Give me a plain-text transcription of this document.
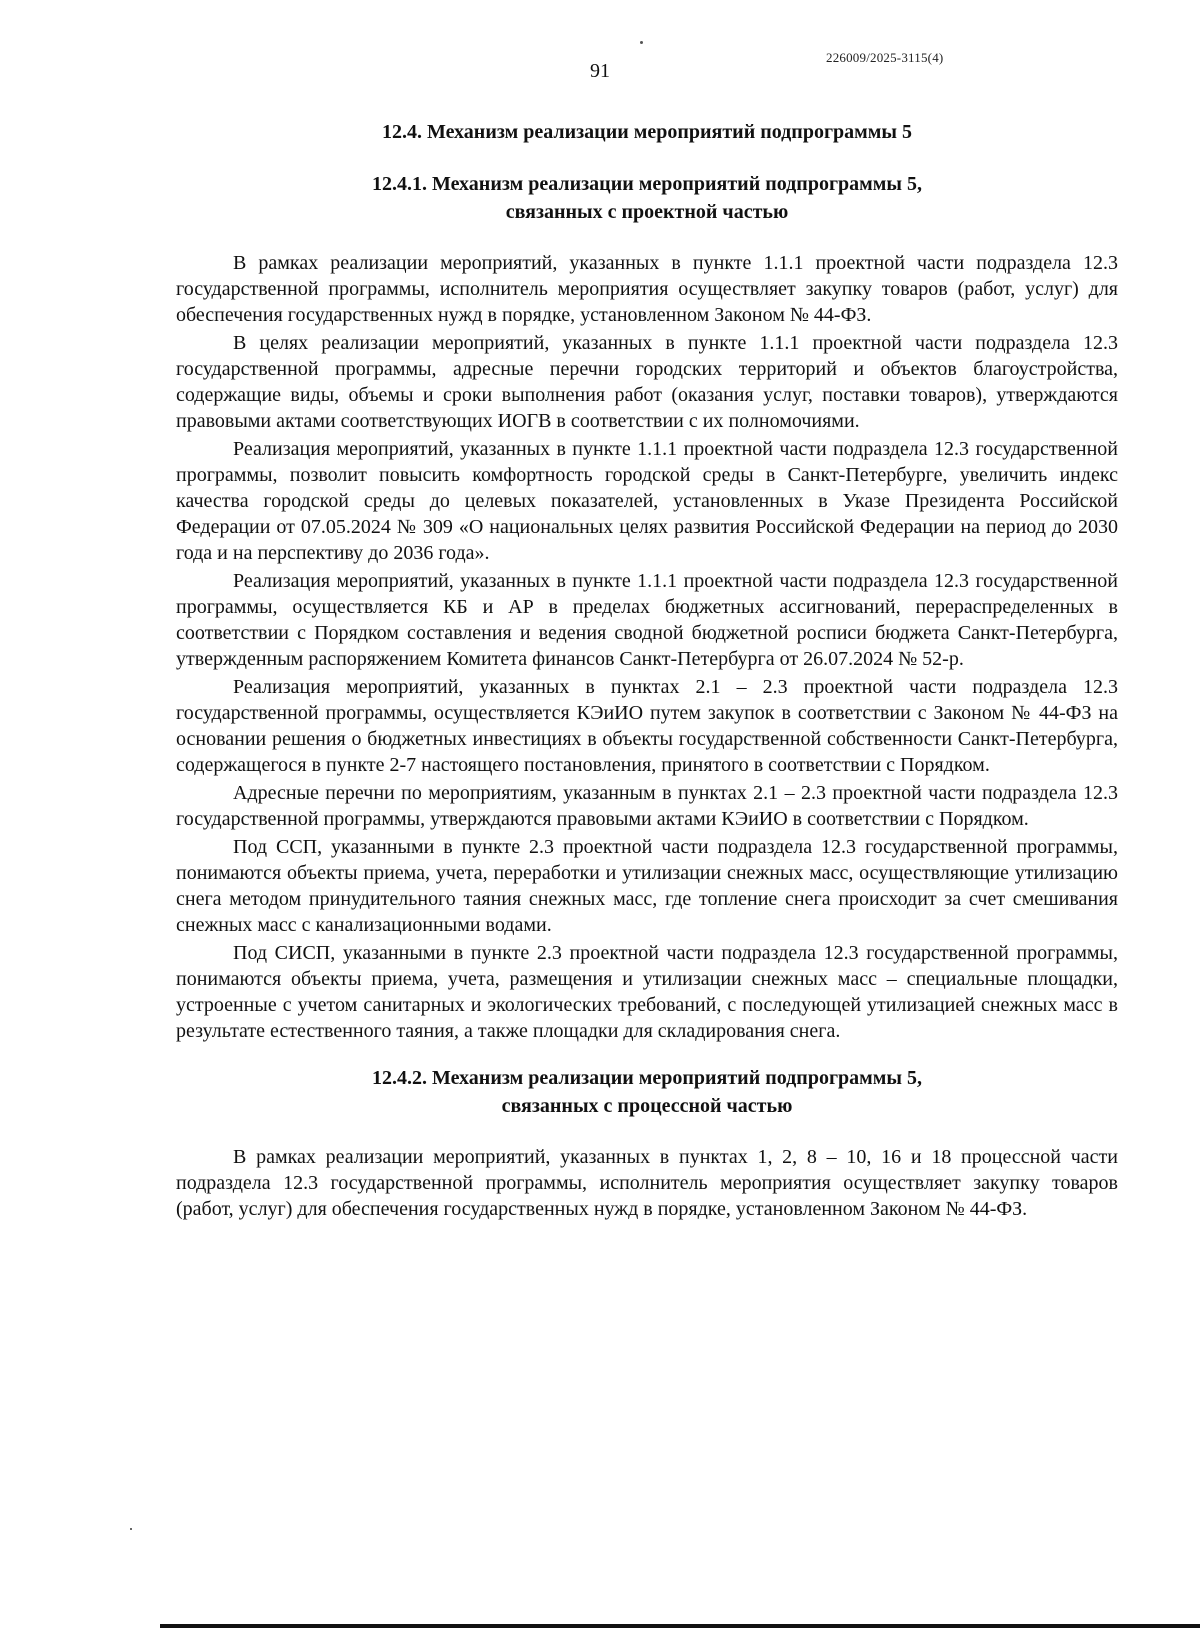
226009/2025-3115(4)
91
12.4. Механизм реализации мероприятий подпрограммы 5
12.4.1. Механизм реализации мероприятий подпрограммы 5,
связанных с проектной частью

В рамках реализации мероприятий, указанных в пункте 1.1.1 проектной части подраздела 12.3 государственной программы, исполнитель мероприятия осуществляет закупку товаров (работ, услуг) для обеспечения государственных нужд в порядке, установленном Законом № 44-ФЗ.

В целях реализации мероприятий, указанных в пункте 1.1.1 проектной части подраздела 12.3 государственной программы, адресные перечни городских территорий и объектов благоустройства, содержащие виды, объемы и сроки выполнения работ (оказания услуг, поставки товаров), утверждаются правовыми актами соответствующих ИОГВ в соответствии с их полномочиями.

Реализация мероприятий, указанных в пункте 1.1.1 проектной части подраздела 12.3 государственной программы, позволит повысить комфортность городской среды в Санкт-Петербурге, увеличить индекс качества городской среды до целевых показателей, установленных в Указе Президента Российской Федерации от 07.05.2024 № 309 «О национальных целях развития Российской Федерации на период до 2030 года и на перспективу до 2036 года».

Реализация мероприятий, указанных в пункте 1.1.1 проектной части подраздела 12.3 государственной программы, осуществляется КБ и АР в пределах бюджетных ассигнований, перераспределенных в соответствии с Порядком составления и ведения сводной бюджетной росписи бюджета Санкт-Петербурга, утвержденным распоряжением Комитета финансов Санкт-Петербурга от 26.07.2024 № 52-р.

Реализация мероприятий, указанных в пунктах 2.1 – 2.3 проектной части подраздела 12.3 государственной программы, осуществляется КЭиИО путем закупок в соответствии с Законом № 44-ФЗ на основании решения о бюджетных инвестициях в объекты государственной собственности Санкт-Петербурга, содержащегося в пункте 2-7 настоящего постановления, принятого в соответствии с Порядком.

Адресные перечни по мероприятиям, указанным в пунктах 2.1 – 2.3 проектной части подраздела 12.3 государственной программы, утверждаются правовыми актами КЭиИО в соответствии с Порядком.

Под ССП, указанными в пункте 2.3 проектной части подраздела 12.3 государственной программы, понимаются объекты приема, учета, переработки и утилизации снежных масс, осуществляющие утилизацию снега методом принудительного таяния снежных масс, где топление снега происходит за счет смешивания снежных масс с канализационными водами.

Под СИСП, указанными в пункте 2.3 проектной части подраздела 12.3 государственной программы, понимаются объекты приема, учета, размещения и утилизации снежных масс – специальные площадки, устроенные с учетом санитарных и экологических требований, с последующей утилизацией снежных масс в результате естественного таяния, а также площадки для складирования снега.

12.4.2. Механизм реализации мероприятий подпрограммы 5,
связанных с процессной частью

В рамках реализации мероприятий, указанных в пунктах 1, 2, 8 – 10, 16 и 18 процессной части подраздела 12.3 государственной программы, исполнитель мероприятия осуществляет закупку товаров (работ, услуг) для обеспечения государственных нужд в порядке, установленном Законом № 44-ФЗ.
